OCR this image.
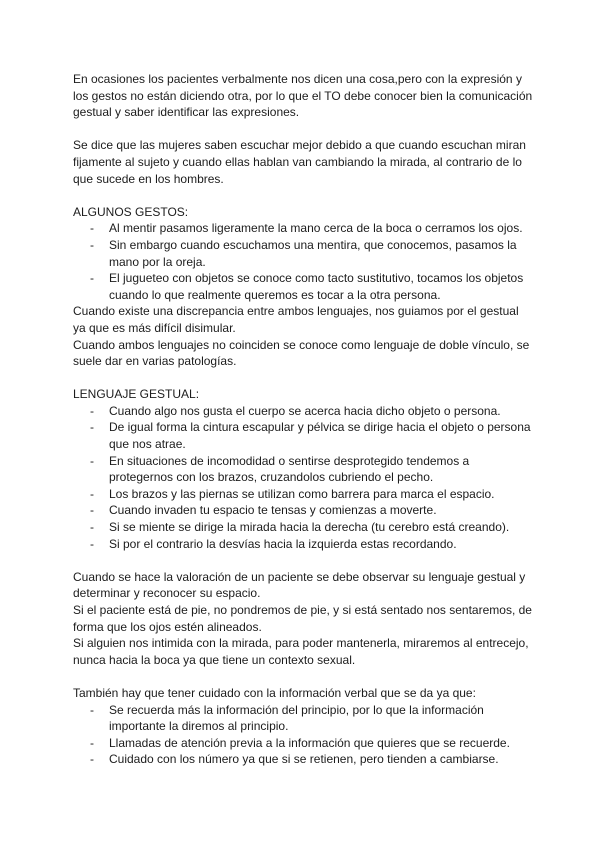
En ocasiones los pacientes verbalmente nos dicen una cosa,pero con la expresión y los gestos no están diciendo otra, por lo que el TO debe conocer bien la comunicación gestual y saber identificar las expresiones.

Se dice que las mujeres saben escuchar mejor debido a que cuando escuchan miran fijamente al sujeto y cuando ellas hablan van cambiando la mirada, al contrario de lo que sucede en los hombres.

ALGUNOS GESTOS:

- Al mentir pasamos ligeramente la mano cerca de la boca o cerramos los ojos.
- Sin embargo cuando escuchamos una mentira, que conocemos, pasamos la mano por la oreja.
- El jugueteo con objetos se conoce como tacto sustitutivo, tocamos los objetos cuando lo que realmente queremos es tocar a la otra persona.

Cuando existe una discrepancia entre ambos lenguajes, nos guiamos por el gestual ya que es más difícil disimular.

Cuando ambos lenguajes no coinciden se conoce como lenguaje de doble vínculo, se suele dar en varias patologías.

LENGUAJE GESTUAL:

- Cuando algo nos gusta el cuerpo se acerca hacia dicho objeto o persona.
- De igual forma la cintura escapular y pélvica se dirige hacia el objeto o persona que nos atrae.
- En situaciones de incomodidad o sentirse desprotegido tendemos a protegernos con los brazos, cruzandolos cubriendo el pecho.
- Los brazos y las piernas se utilizan como barrera para marca el espacio.
- Cuando invaden tu espacio te tensas y comienzas a moverte.
- Si se miente se dirige la mirada hacia la derecha (tu cerebro está creando).
- Si por el contrario la desvías hacia la izquierda estas recordando.

Cuando se hace la valoración de un paciente se debe observar su lenguaje gestual y determinar y reconocer su espacio.

Si el paciente está de pie, no pondremos de pie, y si está sentado nos sentaremos, de forma que los ojos estén alineados.

Si alguien nos intimida con la mirada, para poder mantenerla, miraremos al entrecejo, nunca hacia la boca ya que tiene un contexto sexual.

También hay que tener cuidado con la información verbal que se da ya que:

- Se recuerda más la información del principio, por lo que la información importante la diremos al principio.
- Llamadas de atención previa a la información que quieres que se recuerde.
- Cuidado con los número ya que si se retienen, pero tienden a cambiarse.
